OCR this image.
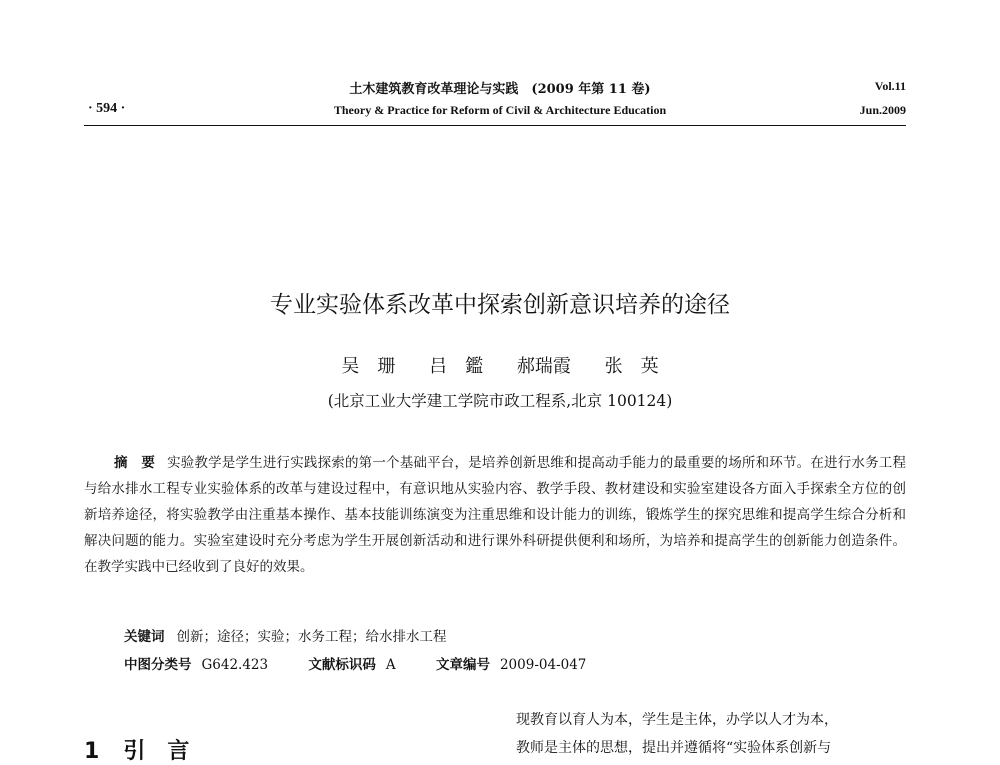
土木建筑教育改革理论与实践　(2009 年第 11 卷)
Theory & Practice for Reform of Civil & Architecture Education
· 594 ·
Vol.11
Jun.2009
专业实验体系改革中探索创新意识培养的途径
吴　珊 吕　鑑 郝瑞霞 张　英
(北京工业大学建工学院市政工程系,北京 100124)
摘　要 实验教学是学生进行实践探索的第一个基础平台，是培养创新思维和提高动手能力的最重要的场所和环节。在进行水务工程与给水排水工程专业实验体系的改革与建设过程中，有意识地从实验内容、教学手段、教材建设和实验室建设各方面入手探索全方位的创新培养途径，将实验教学由注重基本操作、基本技能训练演变为注重思维和设计能力的训练，锻炼学生的探究思维和提高学生综合分析和解决问题的能力。实验室建设时充分考虑为学生开展创新活动和进行课外科研提供便利和场所，为培养和提高学生的创新能力创造条件。在教学实践中已经收到了良好的效果。
关键词 创新；途径；实验；水务工程；给水排水工程
中图分类号 G642.423	文献标识码 A	文章编号 2009-04-047
1 引言
现教育以育人为本，学生是主体，办学以人才为本，
教师是主体的思想，提出并遵循将“实验体系创新与
